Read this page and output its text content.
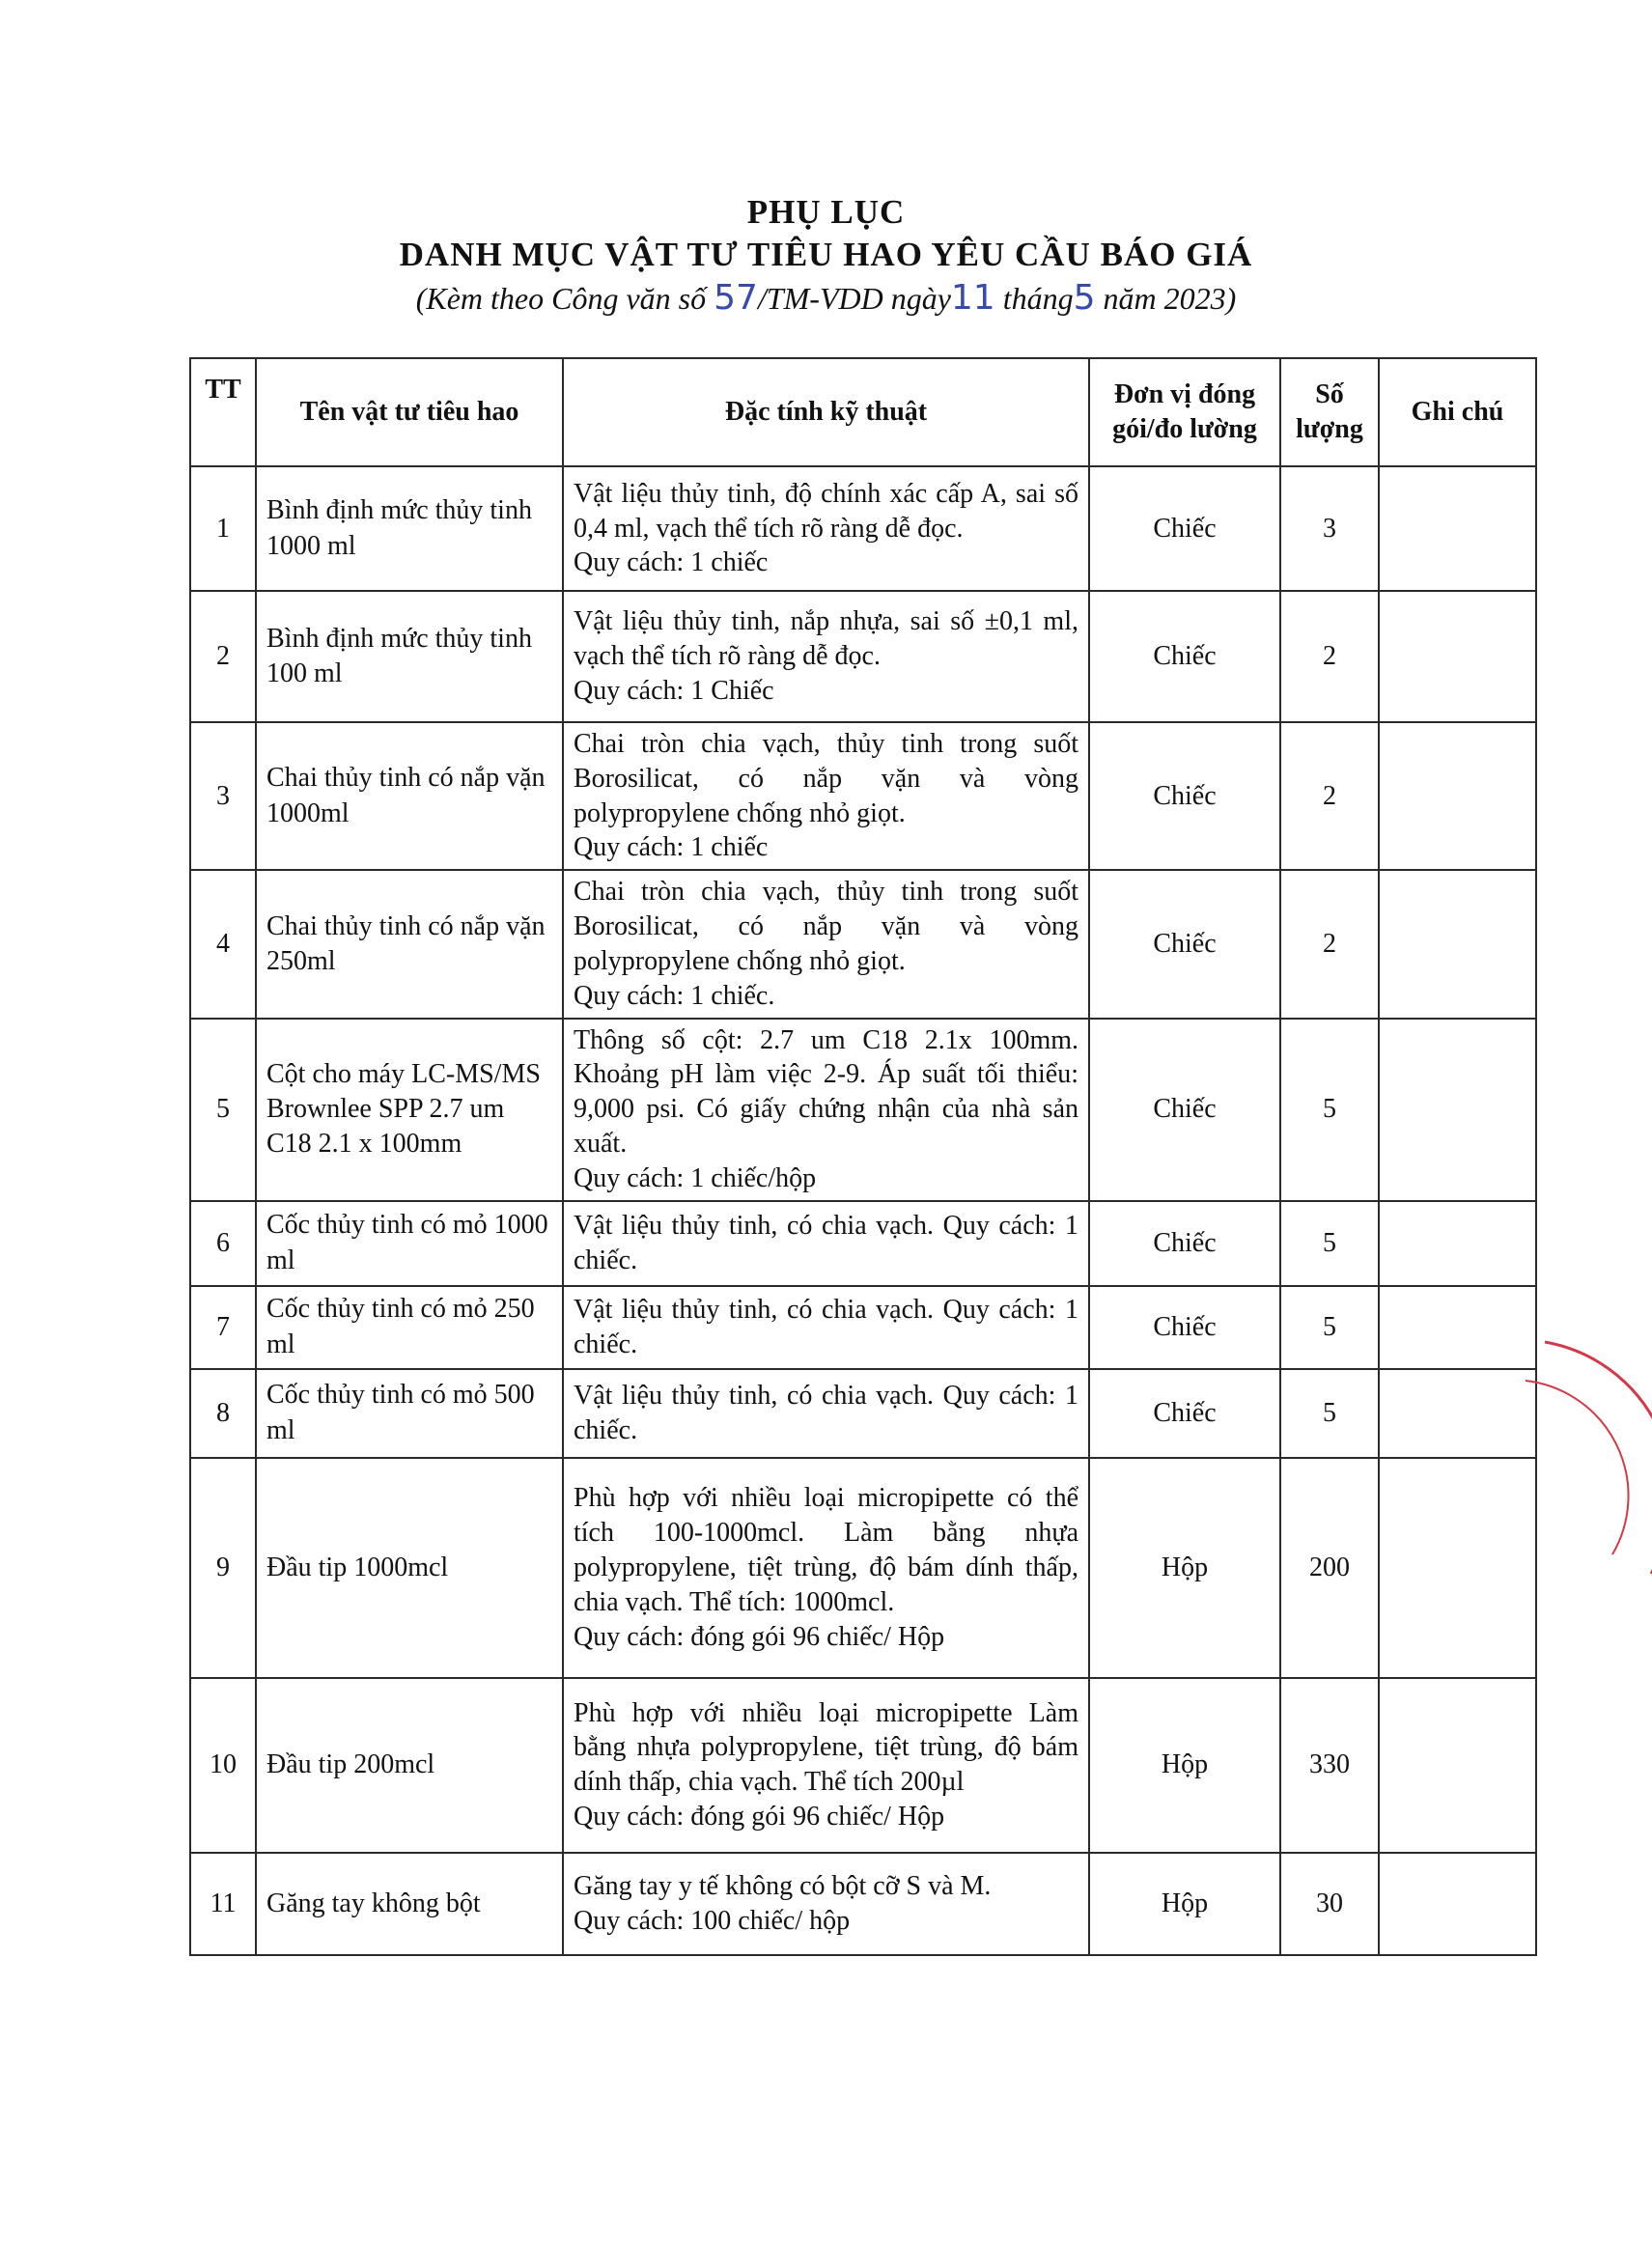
PHỤ LỤC
DANH MỤC VẬT TƯ TIÊU HAO YÊU CẦU BÁO GIÁ
(Kèm theo Công văn số 57/TM-VDD ngày11 tháng5 năm 2023)
TT	Tên vật tư tiêu hao	Đặc tính kỹ thuật	Đơn vị đóng gói/đo lường	Số lượng	Ghi chú
1	Bình định mức thủy tinh 1000 ml	Vật liệu thủy tinh, độ chính xác cấp A, sai số 0,4 ml, vạch thể tích rõ ràng dễ đọc.
Quy cách: 1 chiếc	Chiếc	3	
2	Bình định mức thủy tinh 100 ml	Vật liệu thủy tinh, nắp nhựa, sai số ±0,1 ml, vạch thể tích rõ ràng dễ đọc.
Quy cách: 1 Chiếc	Chiếc	2	
3	Chai thủy tinh có nắp vặn 1000ml	Chai tròn chia vạch, thủy tinh trong suốt Borosilicat, có nắp vặn và vòng polypropylene chống nhỏ giọt.
Quy cách: 1 chiếc	Chiếc	2	
4	Chai thủy tinh có nắp vặn 250ml	Chai tròn chia vạch, thủy tinh trong suốt Borosilicat, có nắp vặn và vòng polypropylene chống nhỏ giọt.
Quy cách: 1 chiếc.	Chiếc	2	
5	Cột cho máy LC-MS/MS Brownlee SPP 2.7 um C18 2.1 x 100mm	Thông số cột: 2.7 um C18 2.1x 100mm. Khoảng pH làm việc 2-9. Áp suất tối thiểu: 9,000 psi. Có giấy chứng nhận của nhà sản xuất.
Quy cách: 1 chiếc/hộp	Chiếc	5	
6	Cốc thủy tinh có mỏ 1000 ml	Vật liệu thủy tinh, có chia vạch. Quy cách: 1 chiếc.	Chiếc	5	
7	Cốc thủy tinh có mỏ 250 ml	Vật liệu thủy tinh, có chia vạch. Quy cách: 1 chiếc.	Chiếc	5	
8	Cốc thủy tinh có mỏ 500 ml	Vật liệu thủy tinh, có chia vạch. Quy cách: 1 chiếc.	Chiếc	5	
9	Đầu tip 1000mcl	Phù hợp với nhiều loại micropipette có thể tích 100-1000mcl. Làm bằng nhựa polypropylene, tiệt trùng, độ bám dính thấp, chia vạch. Thể tích: 1000mcl.
Quy cách: đóng gói 96 chiếc/ Hộp	Hộp	200	
10	Đầu tip 200mcl	Phù hợp với nhiều loại micropipette Làm bằng nhựa polypropylene, tiệt trùng, độ bám dính thấp, chia vạch. Thể tích 200µl
Quy cách: đóng gói 96 chiếc/ Hộp	Hộp	330	
11	Găng tay không bột	Găng tay y tế không có bột cỡ S và M.
Quy cách: 100 chiếc/ hộp	Hộp	30	
